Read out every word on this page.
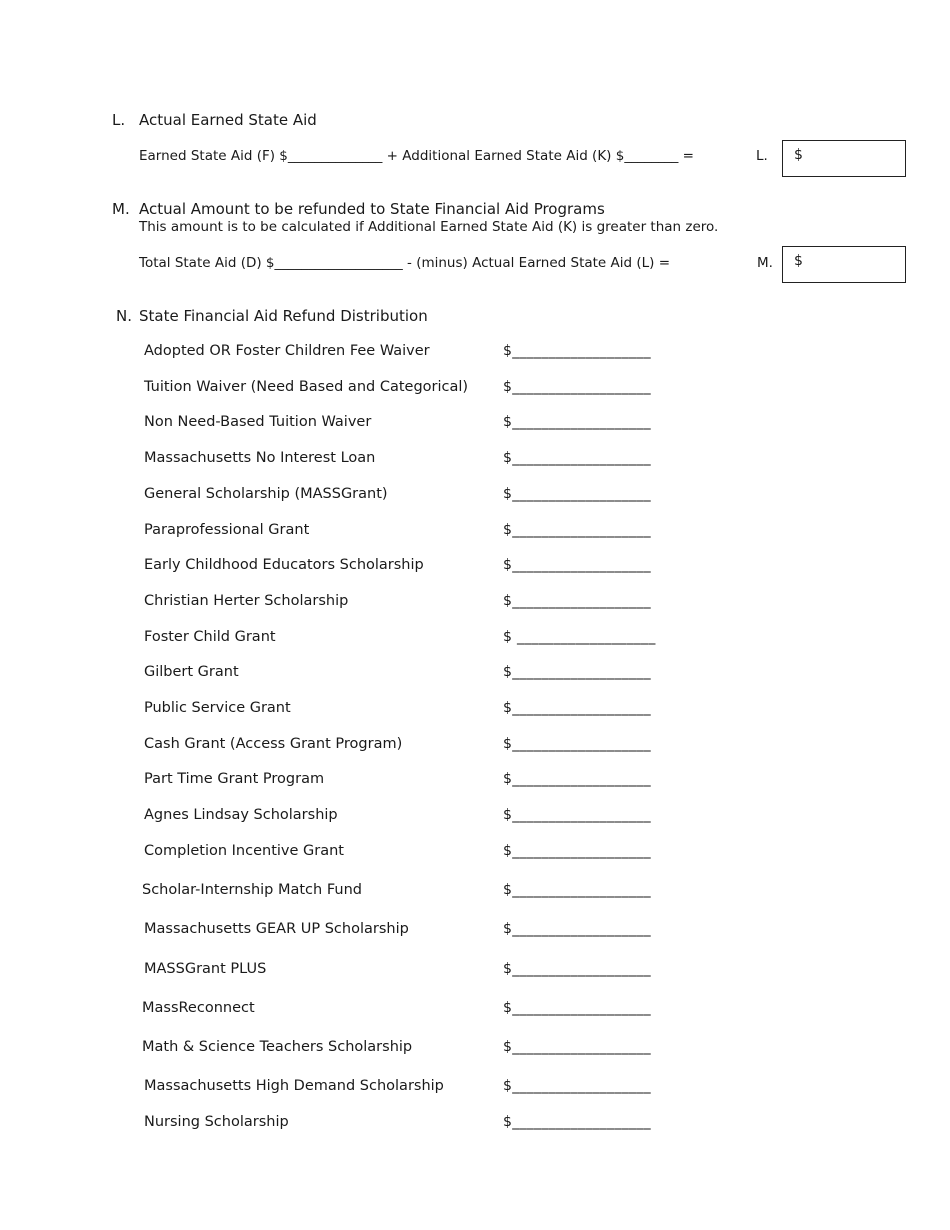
L. Actual Earned State Aid
Earned State Aid (F) $______________ + Additional Earned State Aid (K) $________ =	L. $
M. Actual Amount to be refunded to State Financial Aid Programs
This amount is to be calculated if Additional Earned State Aid (K) is greater than zero.
Total State Aid (D) $___________________ - (minus) Actual Earned State Aid (L) =	M. $
N. State Financial Aid Refund Distribution
Adopted OR Foster Children Fee Waiver	$___________________
Tuition Waiver (Need Based and Categorical) $___________________
Non Need-Based Tuition Waiver	$___________________
Massachusetts No Interest Loan	$___________________
General Scholarship (MASSGrant)	$___________________
Paraprofessional Grant	$___________________
Early Childhood Educators Scholarship	$___________________
Christian Herter Scholarship	$___________________
Foster Child Grant	$ ___________________
Gilbert Grant	$___________________
Public Service Grant	$___________________
Cash Grant (Access Grant Program)	$___________________
Part Time Grant Program	$___________________
Agnes Lindsay Scholarship	$___________________
Completion Incentive Grant	$___________________
Scholar-Internship Match Fund	$___________________
Massachusetts GEAR UP Scholarship	$___________________
MASSGrant PLUS	$___________________
MassReconnect	$___________________
Math & Science Teachers Scholarship	$___________________
Massachusetts High Demand Scholarship	$___________________
Nursing Scholarship	$___________________
